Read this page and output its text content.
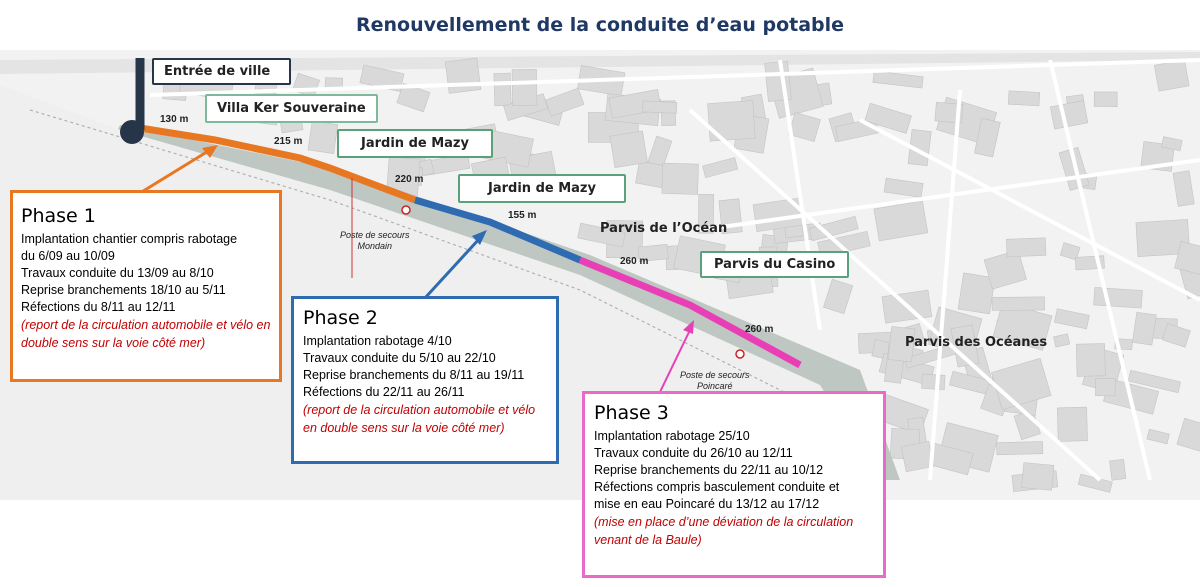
Renouvellement de la conduite d’eau potable
Entrée de ville
Villa Ker Souveraine
Jardin de Mazy
Jardin de Mazy
Parvis de l’Océan
Parvis du Casino
Parvis des Océanes
130 m
215 m
220 m
155 m
260 m
260 m
Poste de secours
Mondain
Poste de secours
Poincaré
Phase 1
Implantation chantier compris rabotage
du 6/09 au 10/09
Travaux conduite du 13/09 au 8/10
Reprise branchements 18/10 au 5/11
Réfections du 8/11 au 12/11
(report de la circulation automobile et vélo en double sens sur la voie côté mer)
Phase 2
Implantation rabotage 4/10
Travaux conduite du 5/10 au 22/10
Reprise branchements du 8/11 au 19/11
Réfections du 22/11 au 26/11
(report de la circulation automobile et vélo en double sens sur la voie côté mer)
Phase 3
Implantation rabotage 25/10
Travaux conduite du 26/10 au 12/11
Reprise branchements du 22/11 au 10/12
Réfections compris basculement conduite et
mise en eau Poincaré du 13/12 au 17/12
(mise en place d’une déviation de la circulation venant de la Baule)
